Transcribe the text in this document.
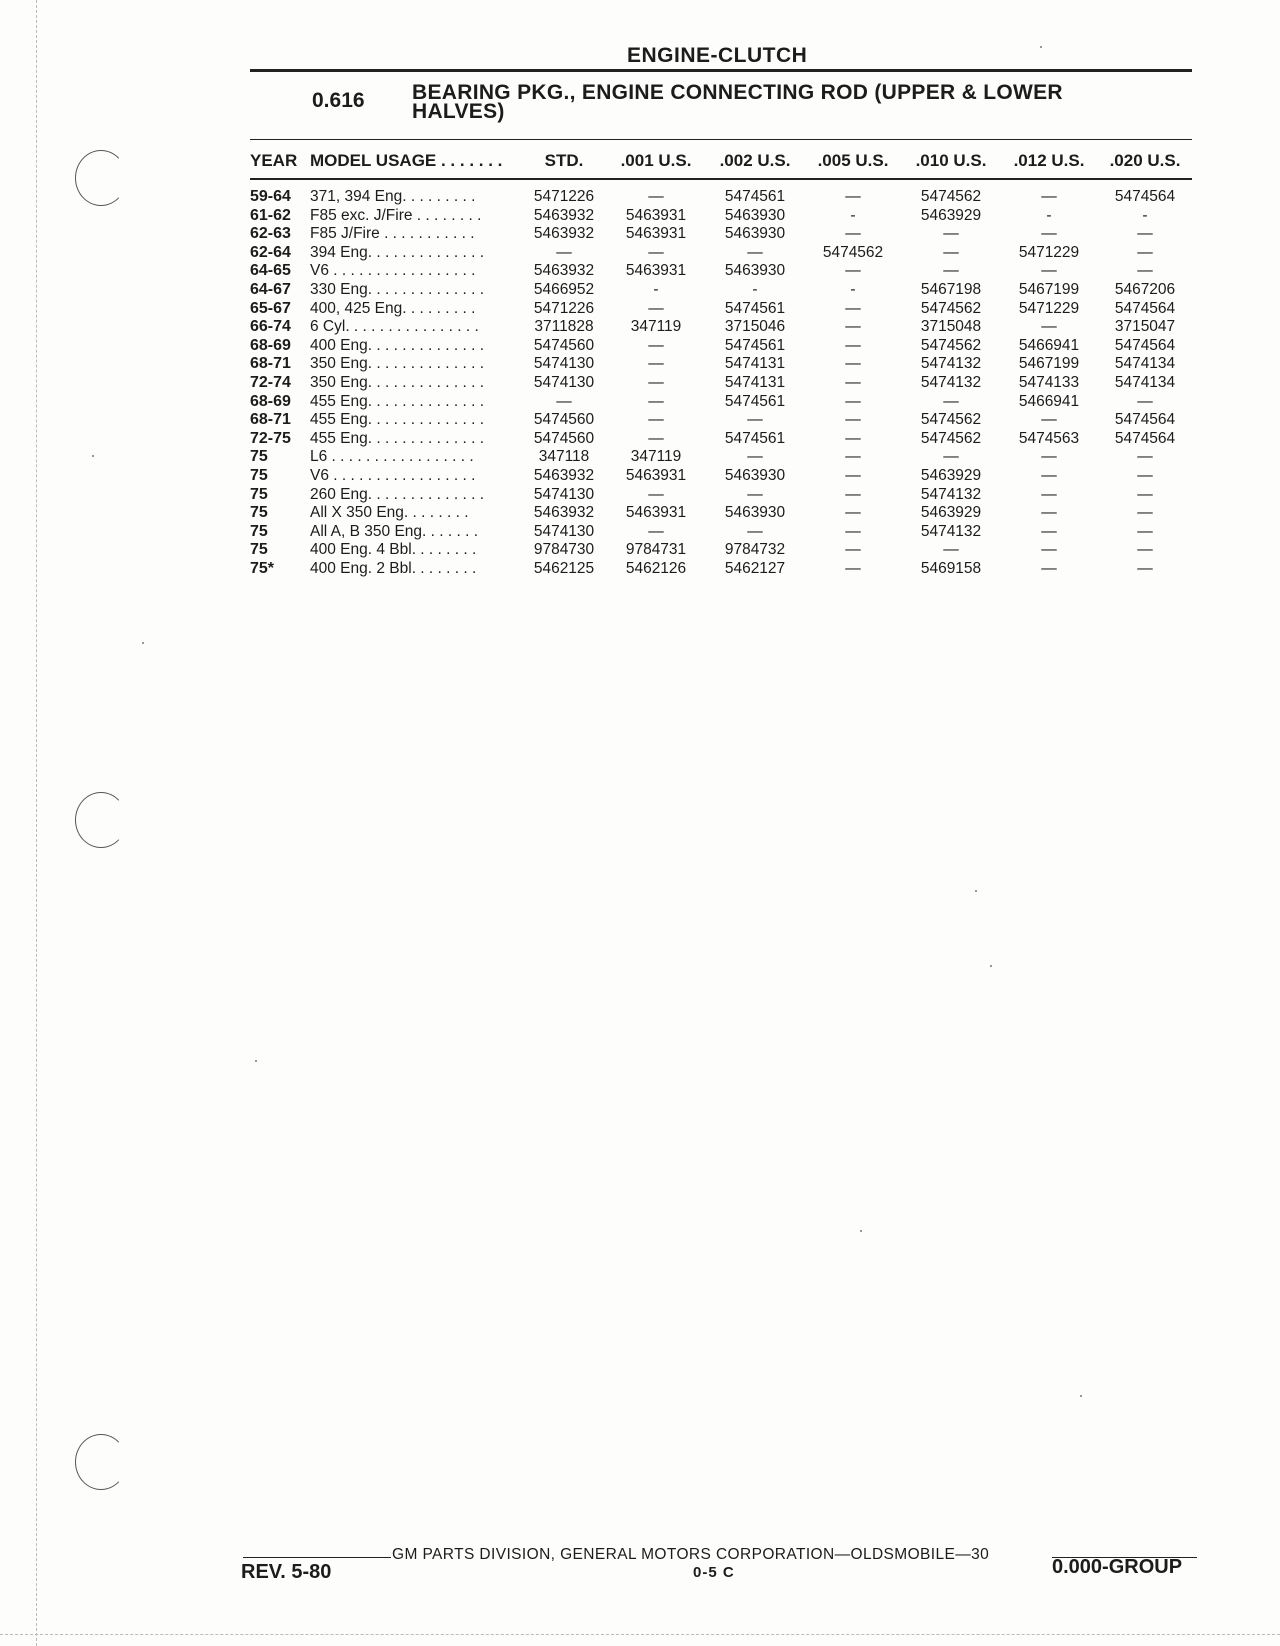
ENGINE-CLUTCH
0.616 BEARING PKG., ENGINE CONNECTING ROD (UPPER & LOWER HALVES)
YEAR	MODEL USAGE . . . . . . .	STD.	.001 U.S.	.002 U.S.	.005 U.S.	.010 U.S.	.012 U.S.	.020 U.S.

59-64	371, 394 Eng. . . . . . . . .	5471226	—	5474561	—	5474562	—	5474564
61-62	F85 exc. J/Fire . . . . . . . .	5463932	5463931	5463930	-	5463929	-	-
62-63	F85 J/Fire . . . . . . . . . . .	5463932	5463931	5463930	—	—	—	—
62-64	394 Eng. . . . . . . . . . . . . .	—	—	—	5474562	—	5471229	—
64-65	V6 . . . . . . . . . . . . . . . . .	5463932	5463931	5463930	—	—	—	—
64-67	330 Eng. . . . . . . . . . . . . .	5466952	-	-	-	5467198	5467199	5467206
65-67	400, 425 Eng. . . . . . . . .	5471226	—	5474561	—	5474562	5471229	5474564
66-74	6 Cyl. . . . . . . . . . . . . . . .	3711828	347119	3715046	—	3715048	—	3715047
68-69	400 Eng. . . . . . . . . . . . . .	5474560	—	5474561	—	5474562	5466941	5474564
68-71	350 Eng. . . . . . . . . . . . . .	5474130	—	5474131	—	5474132	5467199	5474134
72-74	350 Eng. . . . . . . . . . . . . .	5474130	—	5474131	—	5474132	5474133	5474134
68-69	455 Eng. . . . . . . . . . . . . .	—	—	5474561	—	—	5466941	—
68-71	455 Eng. . . . . . . . . . . . . .	5474560	—	—	—	5474562	—	5474564
72-75	455 Eng. . . . . . . . . . . . . .	5474560	—	5474561	—	5474562	5474563	5474564
75	L6 . . . . . . . . . . . . . . . . .	347118	347119	—	—	—	—	—
75	V6 . . . . . . . . . . . . . . . . .	5463932	5463931	5463930	—	5463929	—	—
75	260 Eng. . . . . . . . . . . . . .	5474130	—	—	—	5474132	—	—
75	All X 350 Eng. . . . . . . .	5463932	5463931	5463930	—	5463929	—	—
75	All A, B 350 Eng. . . . . . .	5474130	—	—	—	5474132	—	—
75	400 Eng. 4 Bbl. . . . . . . .	9784730	9784731	9784732	—	—	—	—
75*	400 Eng. 2 Bbl. . . . . . . .	5462125	5462126	5462127	—	5469158	—	—
GM PARTS DIVISION, GENERAL MOTORS CORPORATION—OLDSMOBILE—30
REV. 5-80	0-5 C	0.000-GROUP
